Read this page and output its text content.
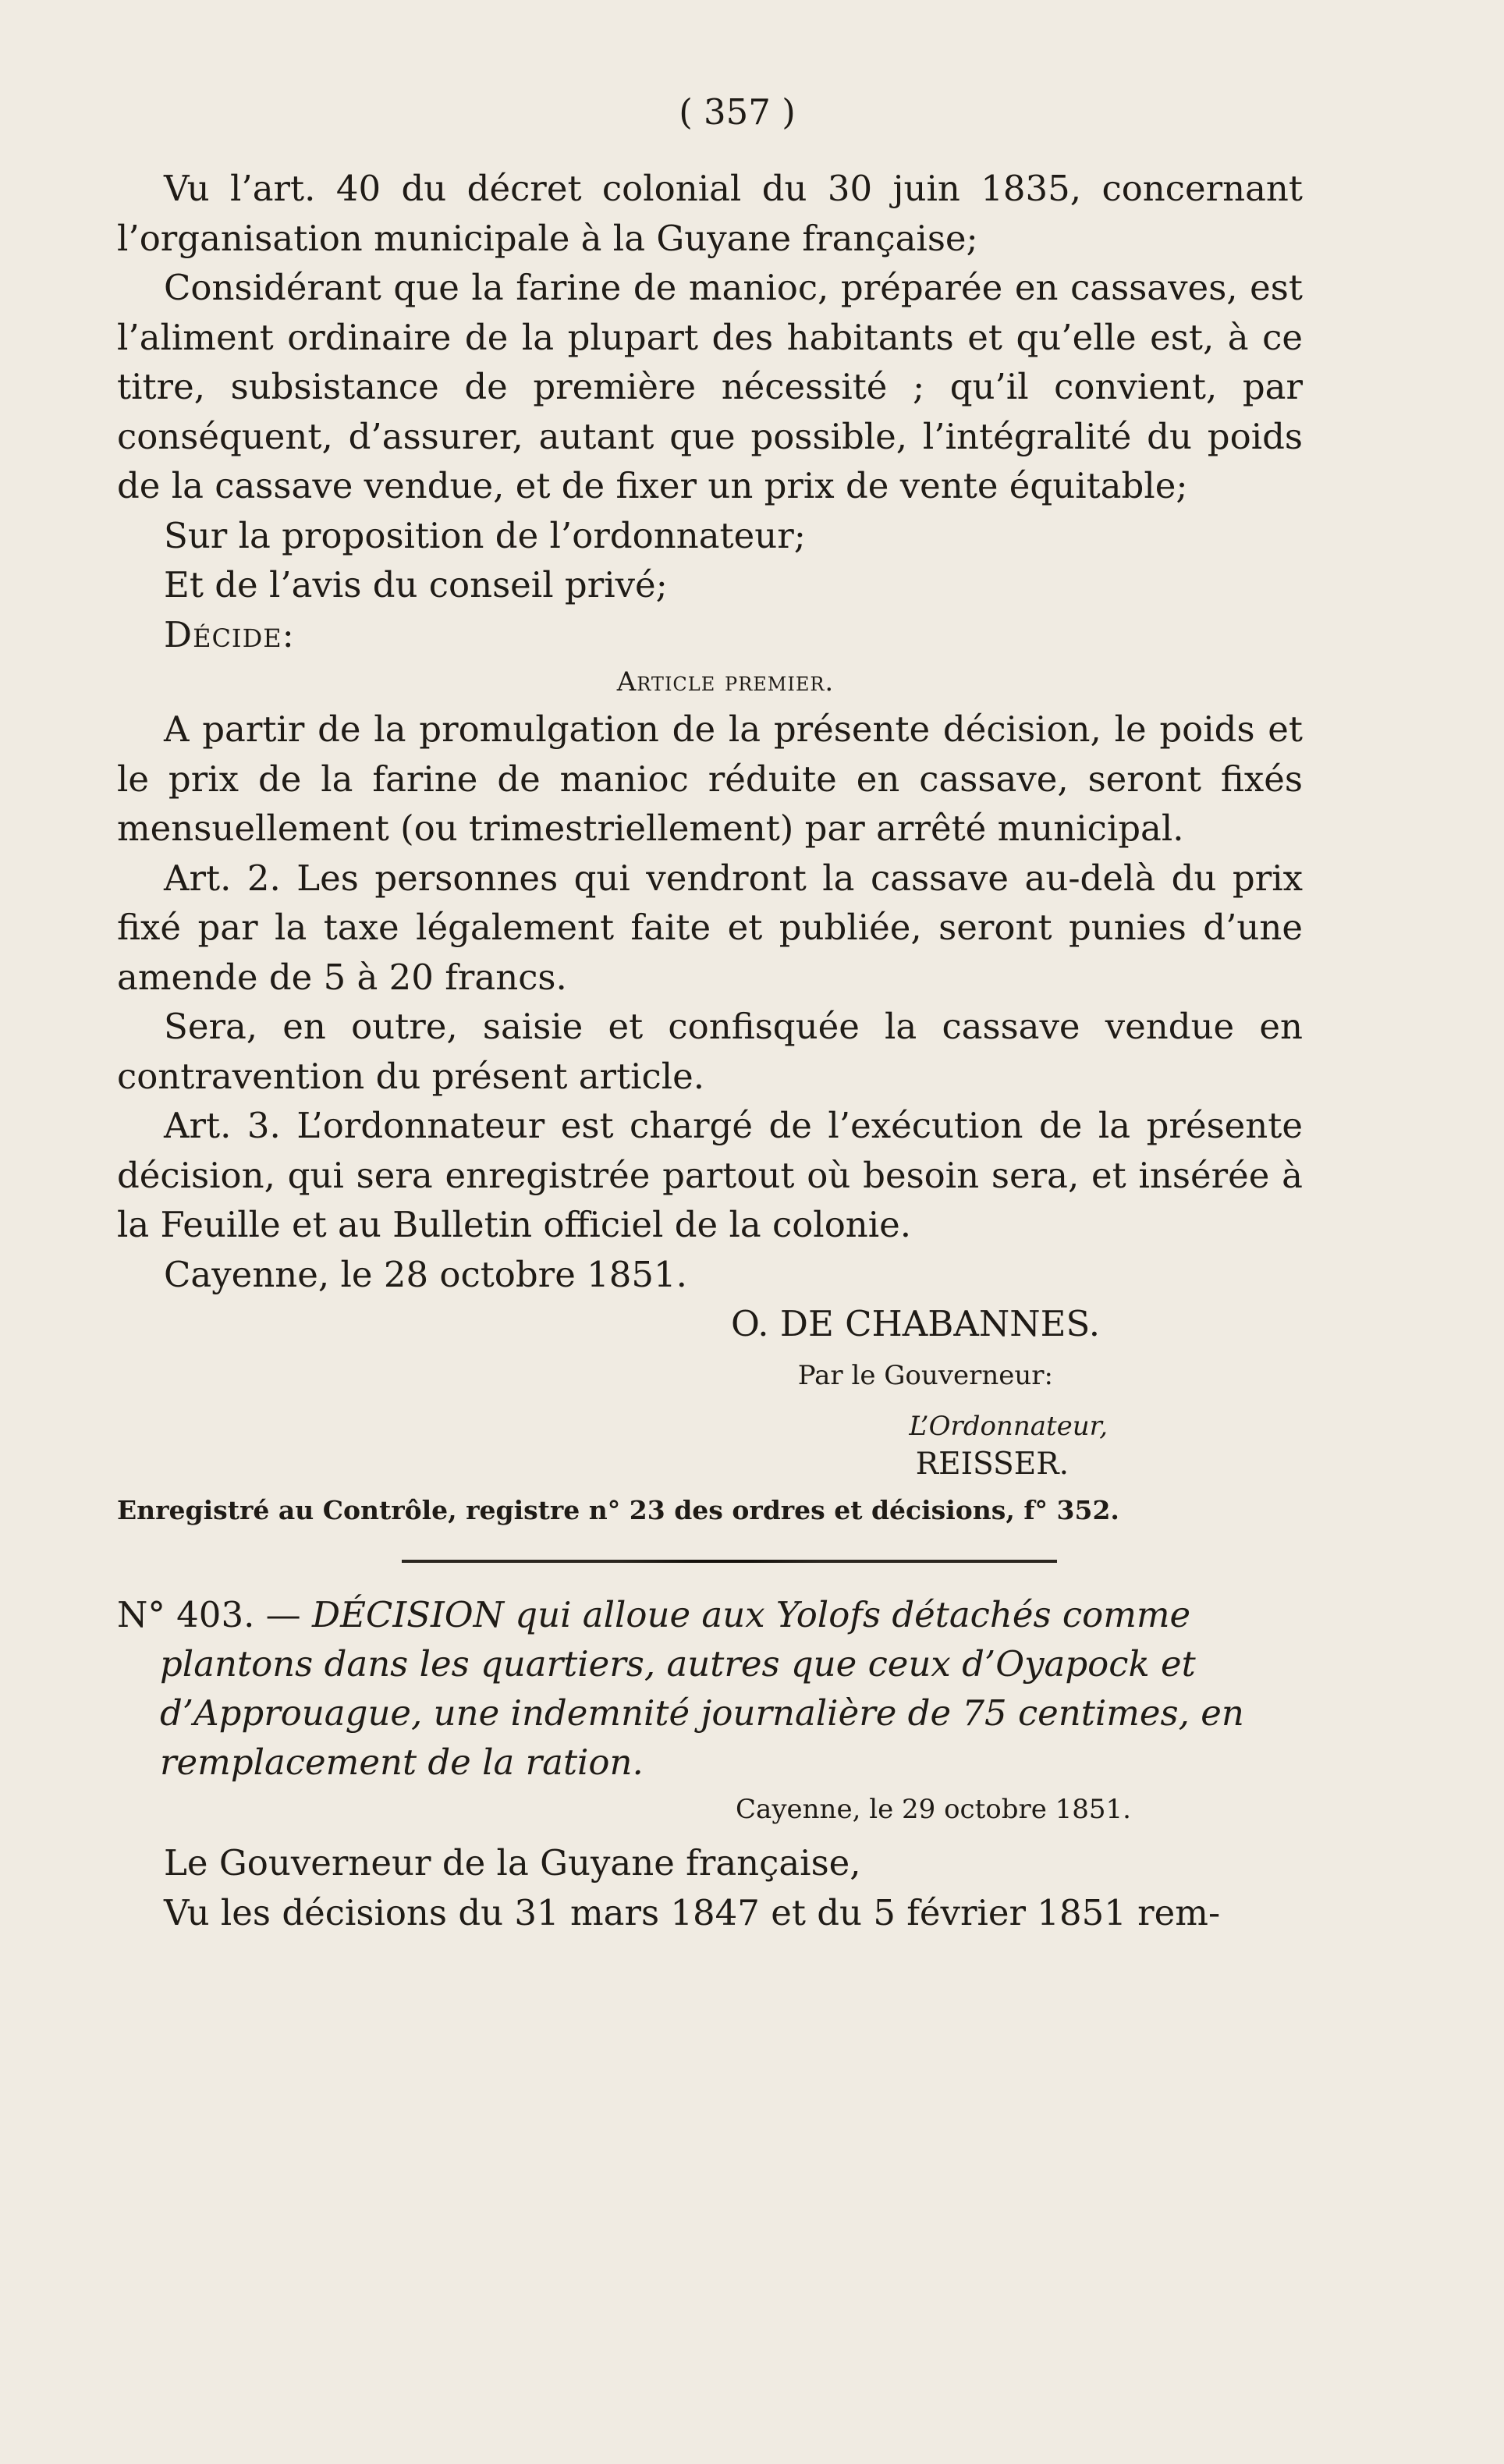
( 357 )

Vu l’art. 40 du décret colonial du 30 juin 1835, concernant l’organisation municipale à la Guyane française;

Considérant que la farine de manioc, préparée en cassaves, est l’aliment ordinaire de la plupart des habitants et qu’elle est, à ce titre, subsistance de première nécessité ; qu’il convient, par conséquent, d’assurer, autant que possible, l’intégralité du poids de la cassave vendue, et de fixer un prix de vente équitable;

Sur la proposition de l’ordonnateur;

Et de l’avis du conseil privé;

Décide:

Article premier.

A partir de la promulgation de la présente décision, le poids et le prix de la farine de manioc réduite en cassave, seront fixés mensuellement (ou trimestriellement) par arrêté municipal.

Art. 2. Les personnes qui vendront la cassave au-delà du prix fixé par la taxe légalement faite et publiée, seront punies d’une amende de 5 à 20 francs.

Sera, en outre, saisie et confisquée la cassave vendue en contravention du présent article.

Art. 3. L’ordonnateur est chargé de l’exécution de la présente décision, qui sera enregistrée partout où besoin sera, et insérée à la Feuille et au Bulletin officiel de la colonie.

Cayenne, le 28 octobre 1851.

O. DE CHABANNES.

Par le Gouverneur:

L’Ordonnateur,

REISSER.

Enregistré au Contrôle, registre n° 23 des ordres et décisions, f° 352.

N° 403. — DÉCISION qui alloue aux Yolofs détachés comme plantons dans les quartiers, autres que ceux d’Oyapock et d’Approuague, une indemnité journalière de 75 centimes, en remplacement de la ration.

Cayenne, le 29 octobre 1851.

Le Gouverneur de la Guyane française,

Vu les décisions du 31 mars 1847 et du 5 février 1851 rem-
